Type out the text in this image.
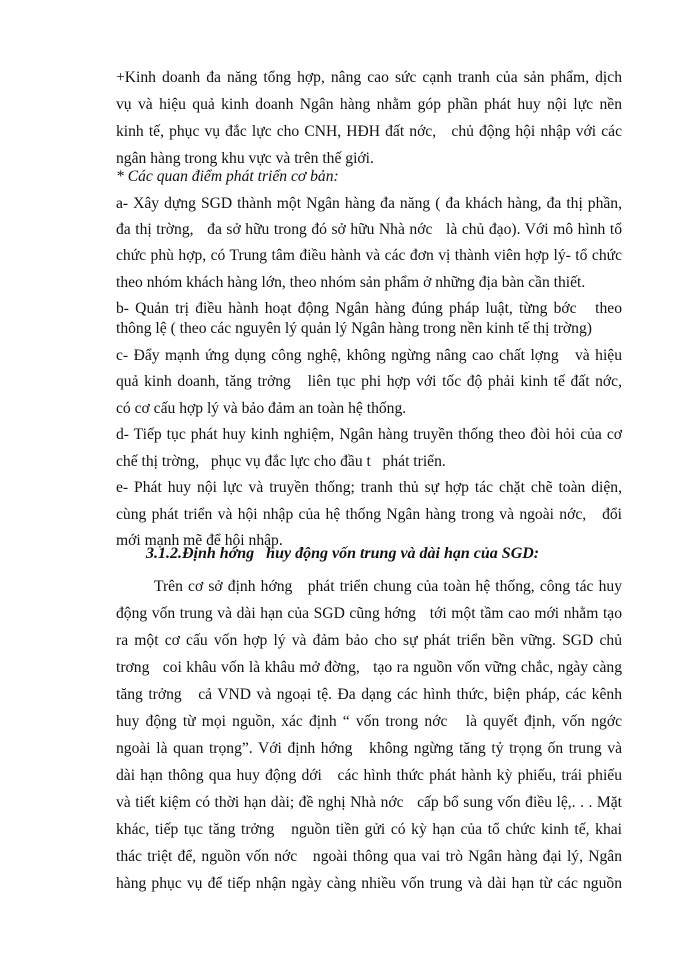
+Kinh doanh đa năng tổng hợp, nâng cao sức cạnh tranh của sản phẩm, dịch
vụ và hiệu quả kinh doanh Ngân hàng nhằm góp phần phát huy nội lực nền
kinh tế, phục vụ đắc lực cho CNH, HĐH đất nớc,   chủ động hội nhập với các
ngân hàng trong khu vực và trên thế giới.
* Các quan điểm phát triển cơ bản:
a- Xây dựng SGD thành một Ngân hàng đa năng ( đa khách hàng, đa thị phần,
đa thị trờng,   đa sở hữu trong đó sở hữu Nhà nớc   là chủ đạo). Với mô hình tổ
chức phù hợp, có Trung tâm điều hành và các đơn vị thành viên hợp lý- tổ chức
theo nhóm khách hàng lớn, theo nhóm sản phẩm ở những địa bàn cần thiết.
b- Quản trị điều hành hoạt động Ngân hàng đúng pháp luật, từng bớc   theo
thông lệ ( theo các nguyên lý quản lý Ngân hàng trong nền kinh tế thị trờng)
c- Đẩy mạnh ứng dụng công nghệ, không ngừng nâng cao chất lợng   và hiệu
quả kinh doanh, tăng trởng   liên tục phi hợp với tốc độ phải kinh tế đất nớc,
có cơ cấu hợp lý và bảo đảm an toàn hệ thống.
d- Tiếp tục phát huy kinh nghiệm, Ngân hàng truyền thống theo đòi hỏi của cơ
chế thị trờng,   phục vụ đắc lực cho đầu t   phát triển.
e- Phát huy nội lực và truyền thống; tranh thủ sự hợp tác chặt chẽ toàn diện,
cùng phát triển và hội nhập của hệ thống Ngân hàng trong và ngoài nớc,   đổi
mới mạnh mẽ để hội nhập.
3.1.2.Định hớng   huy động vốn trung và dài hạn của SGD:
Trên cơ sở định hớng   phát triển chung của toàn hệ thống, công tác huy
động vốn trung và dài hạn của SGD cũng hớng   tới một tầm cao mới nhằm tạo
ra một cơ cấu vốn hợp lý và đảm bảo cho sự phát triển bền vững. SGD chủ
trơng   coi khâu vốn là khâu mở đờng,   tạo ra nguồn vốn vững chắc, ngày càng
tăng trởng   cả VND và ngoại tệ. Đa dạng các hình thức, biện pháp, các kênh
huy động từ mọi nguồn, xác định “ vốn trong nớc   là quyết định, vốn ngớc
ngoài là quan trọng”. Với định hớng   không ngừng tăng tỷ trọng ốn trung và
dài hạn thông qua huy động dới   các hình thức phát hành kỳ phiếu, trái phiếu
và tiết kiệm có thời hạn dài; đề nghị Nhà nớc   cấp bổ sung vốn điều lệ,. . . Mặt
khác, tiếp tục tăng trởng   nguồn tiền gửi có kỳ hạn của tổ chức kinh tế, khai
thác triệt để, nguồn vốn nớc   ngoài thông qua vai trò Ngân hàng đại lý, Ngân
hàng phục vụ để tiếp nhận ngày càng nhiều vốn trung và dài hạn từ các nguồn
